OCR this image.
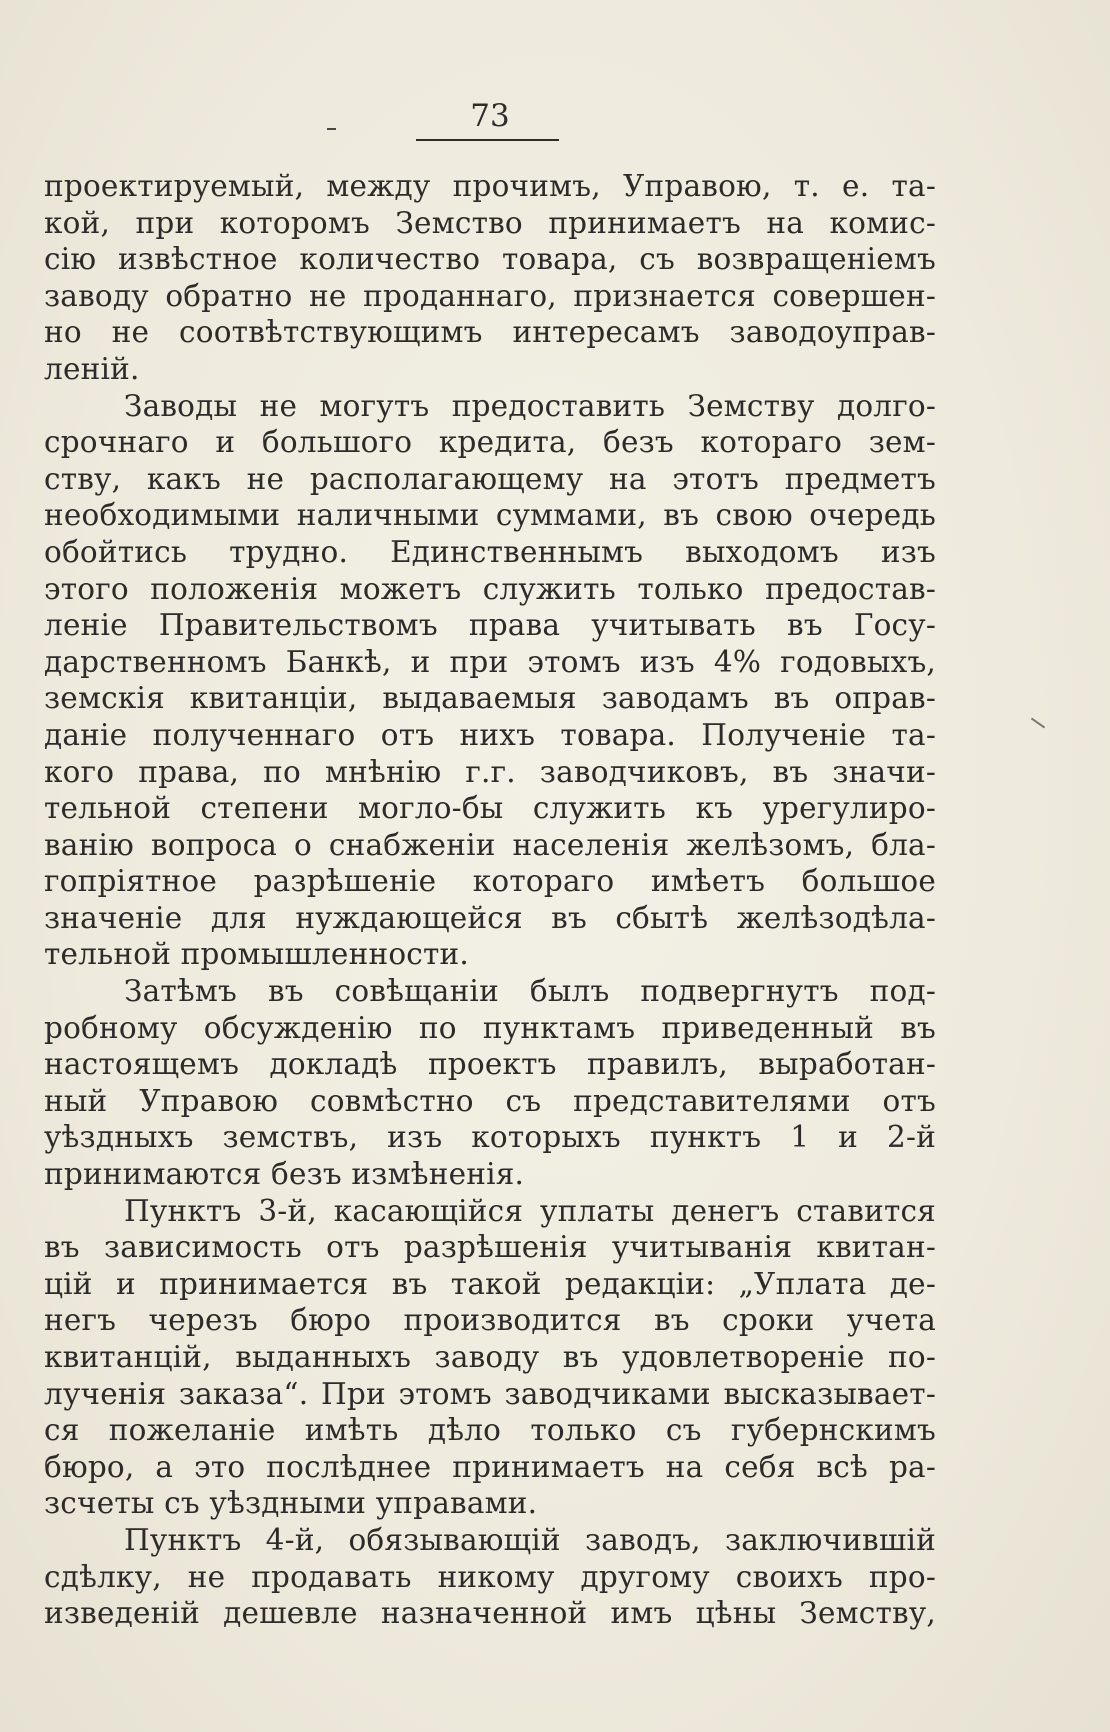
73
проектируемый, между прочимъ, Управою, т. е. та-
кой, при которомъ Земство принимаетъ на комис-
сію извѣстное количество товара, съ возвращеніемъ
заводу обратно не проданнаго, признается совершен-
но не соотвѣтствующимъ интересамъ заводоуправ-
леній.
Заводы не могутъ предоставить Земству долго-
срочнаго и большого кредита, безъ котораго зем-
ству, какъ не располагающему на этотъ предметъ
необходимыми наличными суммами, въ свою очередь
обойтись трудно. Единственнымъ выходомъ изъ
этого положенія можетъ служить только предостав-
леніе Правительствомъ права учитывать въ Госу-
дарственномъ Банкѣ, и при этомъ изъ 4% годовыхъ,
земскія квитанціи, выдаваемыя заводамъ въ оправ-
даніе полученнаго отъ нихъ товара. Полученіе та-
кого права, по мнѣнію г.г. заводчиковъ, въ значи-
тельной степени могло-бы служить къ урегулиро-
ванію вопроса о снабженіи населенія желѣзомъ, бла-
гопріятное разрѣшеніе котораго имѣетъ большое
значеніе для нуждающейся въ сбытѣ желѣзодѣла-
тельной промышленности.
Затѣмъ въ совѣщаніи былъ подвергнутъ под-
робному обсужденію по пунктамъ приведенный въ
настоящемъ докладѣ проектъ правилъ, выработан-
ный Управою совмѣстно съ представителями отъ
уѣздныхъ земствъ, изъ которыхъ пунктъ 1 и 2-й
принимаются безъ измѣненія.
Пунктъ 3-й, касающійся уплаты денегъ ставится
въ зависимость отъ разрѣшенія учитыванія квитан-
цій и принимается въ такой редакціи: „Уплата де-
негъ черезъ бюро производится въ сроки учета
квитанцій, выданныхъ заводу въ удовлетвореніе по-
лученія заказа“. При этомъ заводчиками высказывает-
ся пожеланіе имѣть дѣло только съ губернскимъ
бюро, а это послѣднее принимаетъ на себя всѣ ра-
зсчеты съ уѣздными управами.
Пунктъ 4-й, обязывающій заводъ, заключившій
сдѣлку, не продавать никому другому своихъ про-
изведеній дешевле назначенной имъ цѣны Земству,
